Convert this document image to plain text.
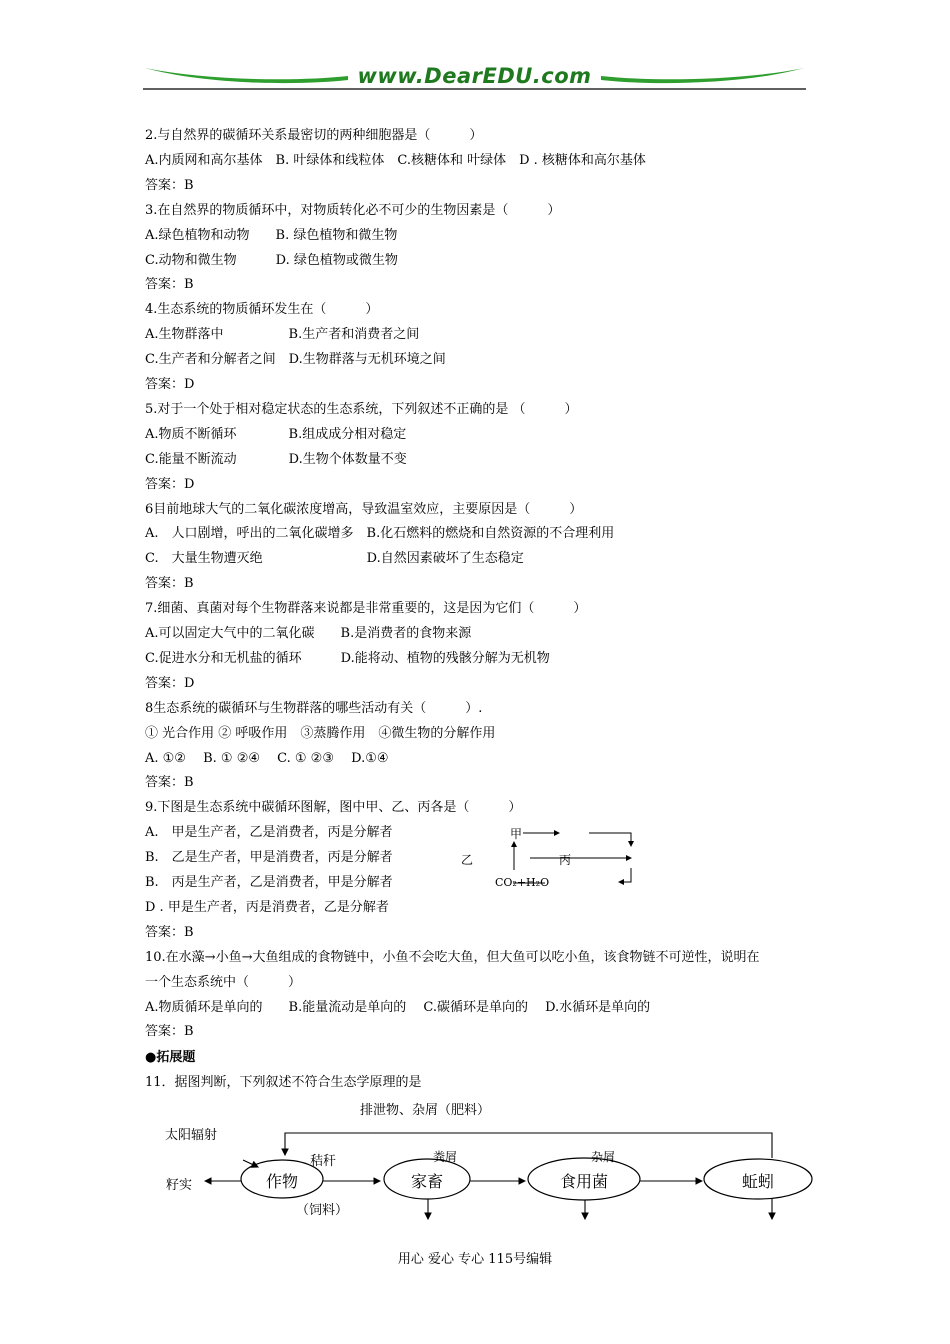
www.DearEDU.com
2.与自然界的碳循环关系最密切的两种细胞器是（　　　）
A.内质网和高尔基体　B. 叶绿体和线粒体　C.核糖体和 叶绿体　D . 核糖体和高尔基体
答案：B
3.在自然界的物质循环中，对物质转化必不可少的生物因素是（　　　）
A.绿色植物和动物　　B. 绿色植物和微生物
C.动物和微生物　　　D. 绿色植物或微生物
答案：B
4.生态系统的物质循环发生在（　　　）
A.生物群落中　　　　　B.生产者和消费者之间
C.生产者和分解者之间　D.生物群落与无机环境之间
答案：D
5.对于一个处于相对稳定状态的生态系统，下列叙述不正确的是 （　　　）
A.物质不断循环　　　　B.组成成分相对稳定
C.能量不断流动　　　　D.生物个体数量不变
答案：D
6目前地球大气的二氧化碳浓度增高，导致温室效应，主要原因是（　　　）
A.　人口剧增，呼出的二氧化碳增多　B.化石燃料的燃烧和自然资源的不合理利用
C.　大量生物遭灭绝　　　　　　　　D.自然因素破坏了生态稳定
答案：B
7.细菌、真菌对每个生物群落来说都是非常重要的，这是因为它们（　　　）
A.可以固定大气中的二氧化碳　　B.是消费者的食物来源
C.促进水分和无机盐的循环　　　D.能将动、植物的残骸分解为无机物
答案：D
8生态系统的碳循环与生物群落的哪些活动有关（　　　）.
① 光合作用 ② 呼吸作用　③蒸腾作用　④微生物的分解作用
A. ①②　 B. ① ②④　 C. ① ②③　 D.①④
答案：B
9.下图是生态系统中碳循环图解，图中甲、乙、丙各是（　　　）
A.　甲是生产者，乙是消费者，丙是分解者
B.　乙是生产者，甲是消费者，丙是分解者
B.　丙是生产者，乙是消费者，甲是分解者
D . 甲是生产者，丙是消费者，乙是分解者
答案：B
10.在水藻→小鱼→大鱼组成的食物链中，小鱼不会吃大鱼，但大鱼可以吃小鱼，该食物链不可逆性，说明在
一个生态系统中（　　　）
A.物质循环是单向的　　B.能量流动是单向的　 C.碳循环是单向的　 D.水循环是单向的
答案：B
●拓展题
11．据图判断，下列叙述不符合生态学原理的是
甲
乙	丙
CO₂+H₂O
排泄物、杂屑（肥料）
太阳辐射
秸秆
籽实
（饲料）
粪屑	杂屑
作物	家畜	食用菌	蚯蚓
用心 爱心 专心 115号编辑
